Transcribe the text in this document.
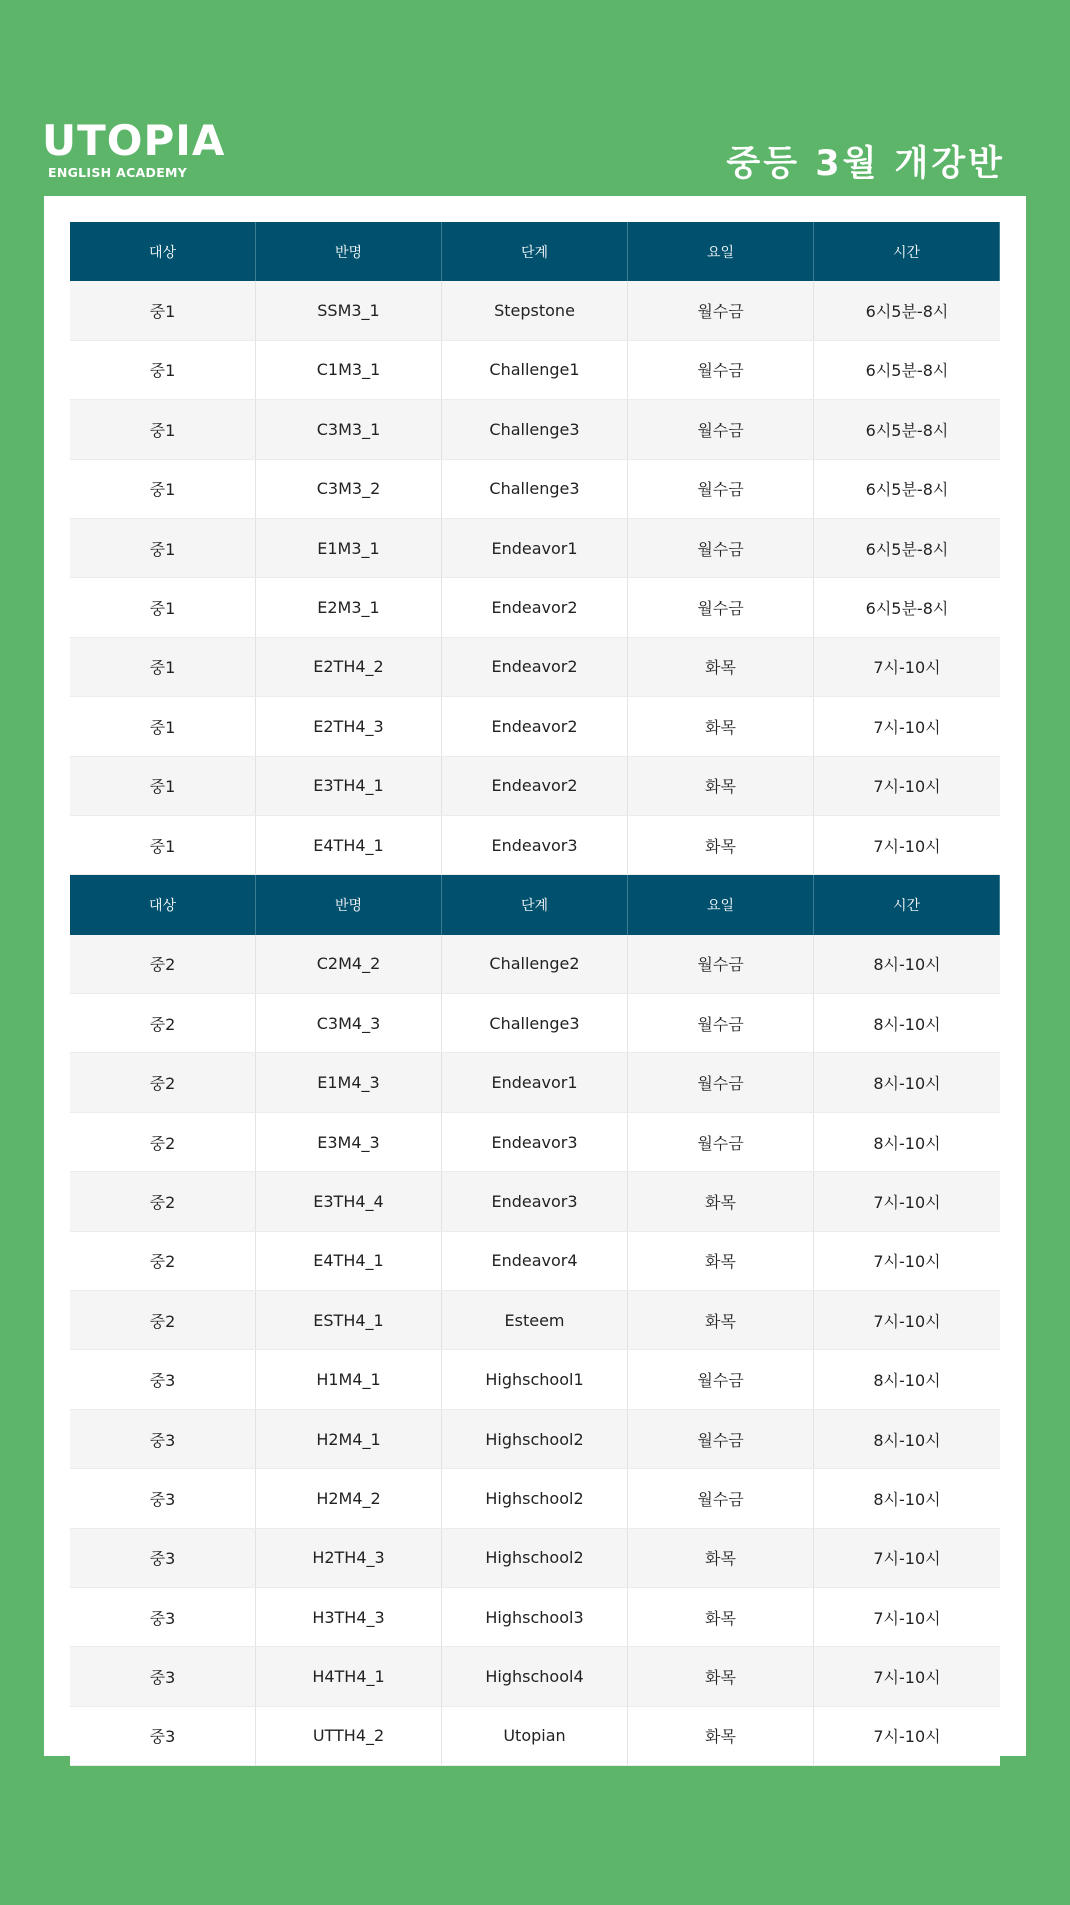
UTOPIA
ENGLISH ACADEMY	중등 3월 개강반
대상	반명	단계	요일	시간
중1	SSM3_1	Stepstone	월수금	6시5분-8시
중1	C1M3_1	Challenge1	월수금	6시5분-8시
중1	C3M3_1	Challenge3	월수금	6시5분-8시
중1	C3M3_2	Challenge3	월수금	6시5분-8시
중1	E1M3_1	Endeavor1	월수금	6시5분-8시
중1	E2M3_1	Endeavor2	월수금	6시5분-8시
중1	E2TH4_2	Endeavor2	화목	7시-10시
중1	E2TH4_3	Endeavor2	화목	7시-10시
중1	E3TH4_1	Endeavor2	화목	7시-10시
중1	E4TH4_1	Endeavor3	화목	7시-10시
대상	반명	단계	요일	시간
중2	C2M4_2	Challenge2	월수금	8시-10시
중2	C3M4_3	Challenge3	월수금	8시-10시
중2	E1M4_3	Endeavor1	월수금	8시-10시
중2	E3M4_3	Endeavor3	월수금	8시-10시
중2	E3TH4_4	Endeavor3	화목	7시-10시
중2	E4TH4_1	Endeavor4	화목	7시-10시
중2	ESTH4_1	Esteem	화목	7시-10시
중3	H1M4_1	Highschool1	월수금	8시-10시
중3	H2M4_1	Highschool2	월수금	8시-10시
중3	H2M4_2	Highschool2	월수금	8시-10시
중3	H2TH4_3	Highschool2	화목	7시-10시
중3	H3TH4_3	Highschool3	화목	7시-10시
중3	H4TH4_1	Highschool4	화목	7시-10시
중3	UTTH4_2	Utopian	화목	7시-10시
